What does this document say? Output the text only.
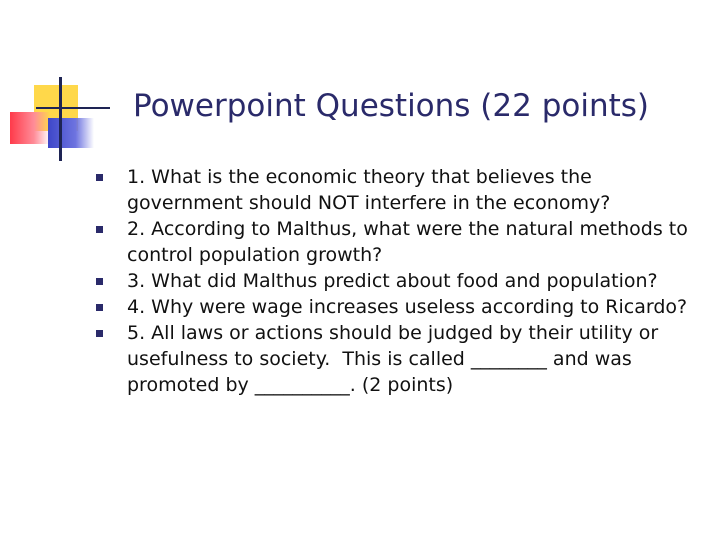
Powerpoint Questions (22 points)
1. What is the economic theory that believes the government should NOT interfere in the economy?
2. According to Malthus, what were the natural methods to control population growth?
3. What did Malthus predict about food and population?
4. Why were wage increases useless according to Ricardo?
5. All laws or actions should be judged by their utility or usefulness to society.  This is called ________ and was promoted by __________. (2 points)
